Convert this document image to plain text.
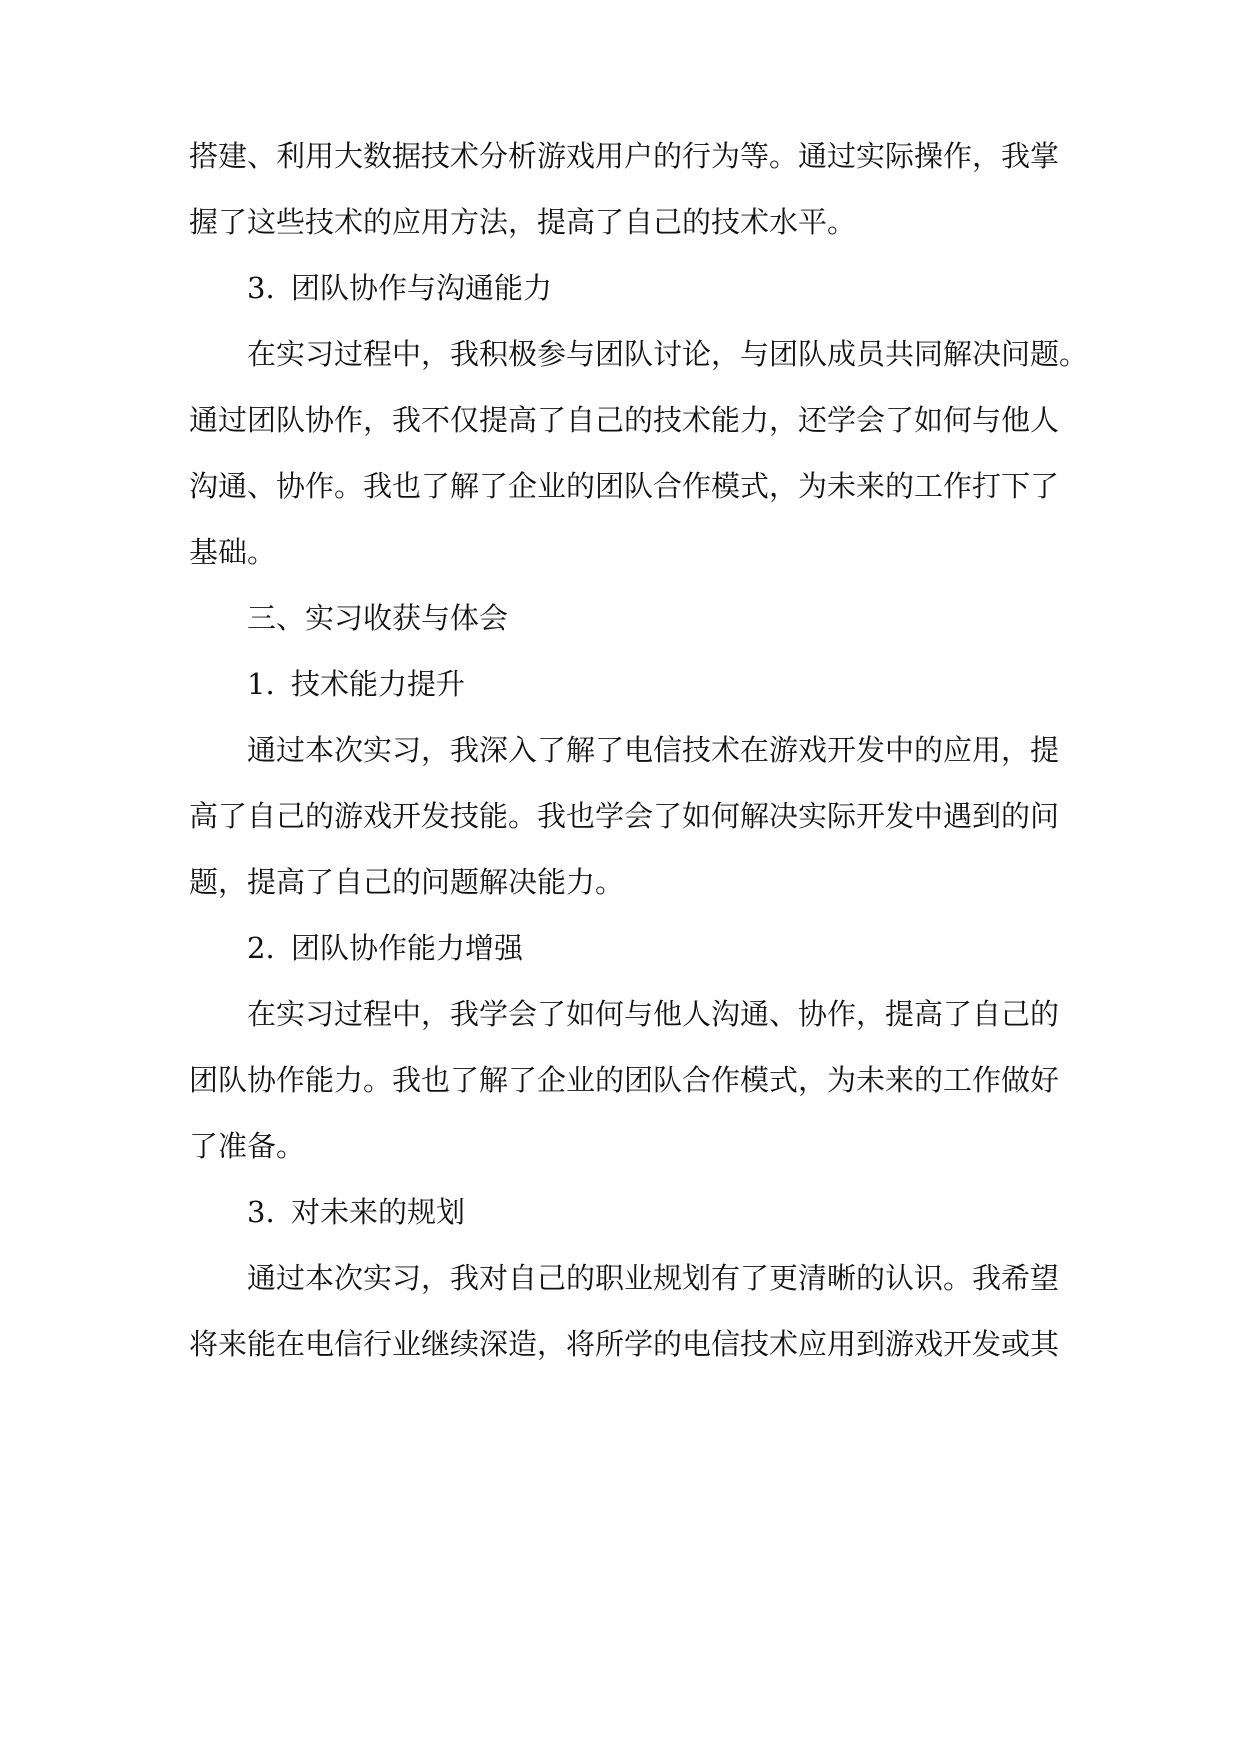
搭建、利用大数据技术分析游戏用户的行为等。通过实际操作，我掌
握了这些技术的应用方法，提高了自己的技术水平。
3. 团队协作与沟通能力
在实习过程中，我积极参与团队讨论，与团队成员共同解决问题。
通过团队协作，我不仅提高了自己的技术能力，还学会了如何与他人
沟通、协作。我也了解了企业的团队合作模式，为未来的工作打下了
基础。
三、实习收获与体会
1. 技术能力提升
通过本次实习，我深入了解了电信技术在游戏开发中的应用，提
高了自己的游戏开发技能。我也学会了如何解决实际开发中遇到的问
题，提高了自己的问题解决能力。
2. 团队协作能力增强
在实习过程中，我学会了如何与他人沟通、协作，提高了自己的
团队协作能力。我也了解了企业的团队合作模式，为未来的工作做好
了准备。
3. 对未来的规划
通过本次实习，我对自己的职业规划有了更清晰的认识。我希望
将来能在电信行业继续深造，将所学的电信技术应用到游戏开发或其
